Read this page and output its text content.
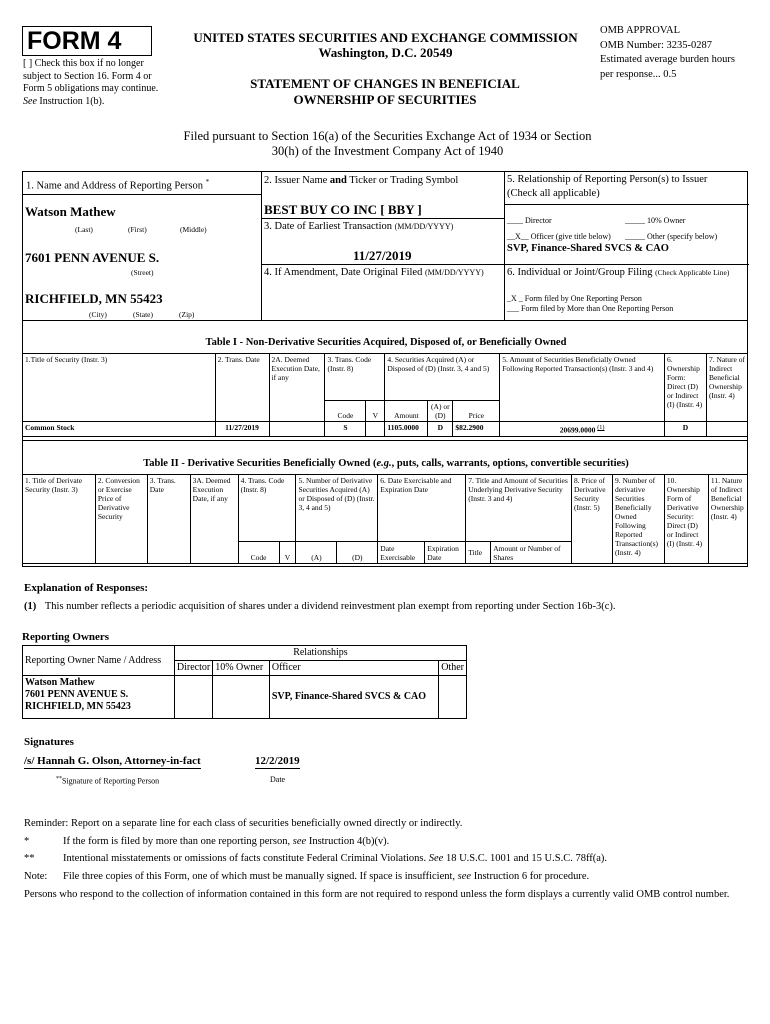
FORM 4
[ ] Check this box if no longer subject to Section 16. Form 4 or Form 5 obligations may continue. See Instruction 1(b).
UNITED STATES SECURITIES AND EXCHANGE COMMISSION
Washington, D.C. 20549
STATEMENT OF CHANGES IN BENEFICIAL OWNERSHIP OF SECURITIES
OMB APPROVAL
OMB Number: 3235-0287
Estimated average burden hours per response... 0.5
Filed pursuant to Section 16(a) of the Securities Exchange Act of 1934 or Section 30(h) of the Investment Company Act of 1940
1. Name and Address of Reporting Person *
Watson Mathew
(Last)	(First)	(Middle)
7601 PENN AVENUE S.
(Street)
RICHFIELD, MN 55423
(City)	(State)	(Zip)
2. Issuer Name and Ticker or Trading Symbol
BEST BUY CO INC [ BBY ]
3. Date of Earliest Transaction (MM/DD/YYYY)
11/27/2019
4. If Amendment, Date Original Filed (MM/DD/YYYY)
5. Relationship of Reporting Person(s) to Issuer
(Check all applicable)
____ Director	_____ 10% Owner
__X__ Officer (give title below) _____ Other (specify below)
SVP, Finance-Shared SVCS & CAO
6. Individual or Joint/Group Filing (Check Applicable Line)
_X _ Form filed by One Reporting Person
___ Form filed by More than One Reporting Person
Table I - Non-Derivative Securities Acquired, Disposed of, or Beneficially Owned
1.Title of Security (Instr. 3)	2. Trans. Date	2A. Deemed Execution Date, if any	3. Trans. Code (Instr. 8)		4. Securities Acquired (A) or Disposed of (D) (Instr. 3, 4 and 5)			5. Amount of Securities Beneficially Owned Following Reported Transaction(s) (Instr. 3 and 4)	6. Ownership Form: Direct (D) or Indirect (I) (Instr. 4)	7. Nature of Indirect Beneficial Ownership (Instr. 4)
			Code	V	Amount	(A) or (D)	Price			
Common Stock	11/27/2019		S		1105.0000	D	$82.2900	20699.0000 $^{(1)}$	D	
Table II - Derivative Securities Beneficially Owned (e.g., puts, calls, warrants, options, convertible securities)
1. Title of Derivate Security (Instr. 3)	2. Conversion or Exercise Price of Derivative Security	3. Trans. Date	3A. Deemed Execution Date, if any	4. Trans. Code (Instr. 8)		5. Number of Derivative Securities Acquired (A) or Disposed of (D) (Instr. 3, 4 and 5)		6. Date Exercisable and Expiration Date		7. Title and Amount of Securities Underlying Derivative Security (Instr. 3 and 4)		8. Price of Derivative Security (Instr. 5)	9. Number of derivative Securities Beneficially Owned Following Reported Transaction(s) (Instr. 4)	10. Ownership Form of Derivative Security: Direct (D) or Indirect (I) (Instr. 4)	11. Nature of Indirect Beneficial Ownership (Instr. 4)
				Code	V	(A)	(D)	Date Exercisable	Expiration Date	Title	Amount or Number of Shares				
Explanation of Responses:
(1) This number reflects a periodic acquisition of shares under a dividend reinvestment plan exempt from reporting under Section 16b-3(c).
Reporting Owners
Reporting Owner Name / Address	Relationships			
	Director	10% Owner	Officer	Other

Watson Mathew
7601 PENN AVENUE S.
RICHFIELD, MN 55423			SVP, Finance-Shared SVCS & CAO	
Signatures
/s/ Hannah G. Olson, Attorney-in-fact	12/2/2019
**Signature of Reporting Person	Date
Reminder: Report on a separate line for each class of securities beneficially owned directly or indirectly.
*	If the form is filed by more than one reporting person, see Instruction 4(b)(v).
**	Intentional misstatements or omissions of facts constitute Federal Criminal Violations. See 18 U.S.C. 1001 and 15 U.S.C. 78ff(a).
Note: File three copies of this Form, one of which must be manually signed. If space is insufficient, see Instruction 6 for procedure.
Persons who respond to the collection of information contained in this form are not required to respond unless the form displays a currently valid OMB control number.
